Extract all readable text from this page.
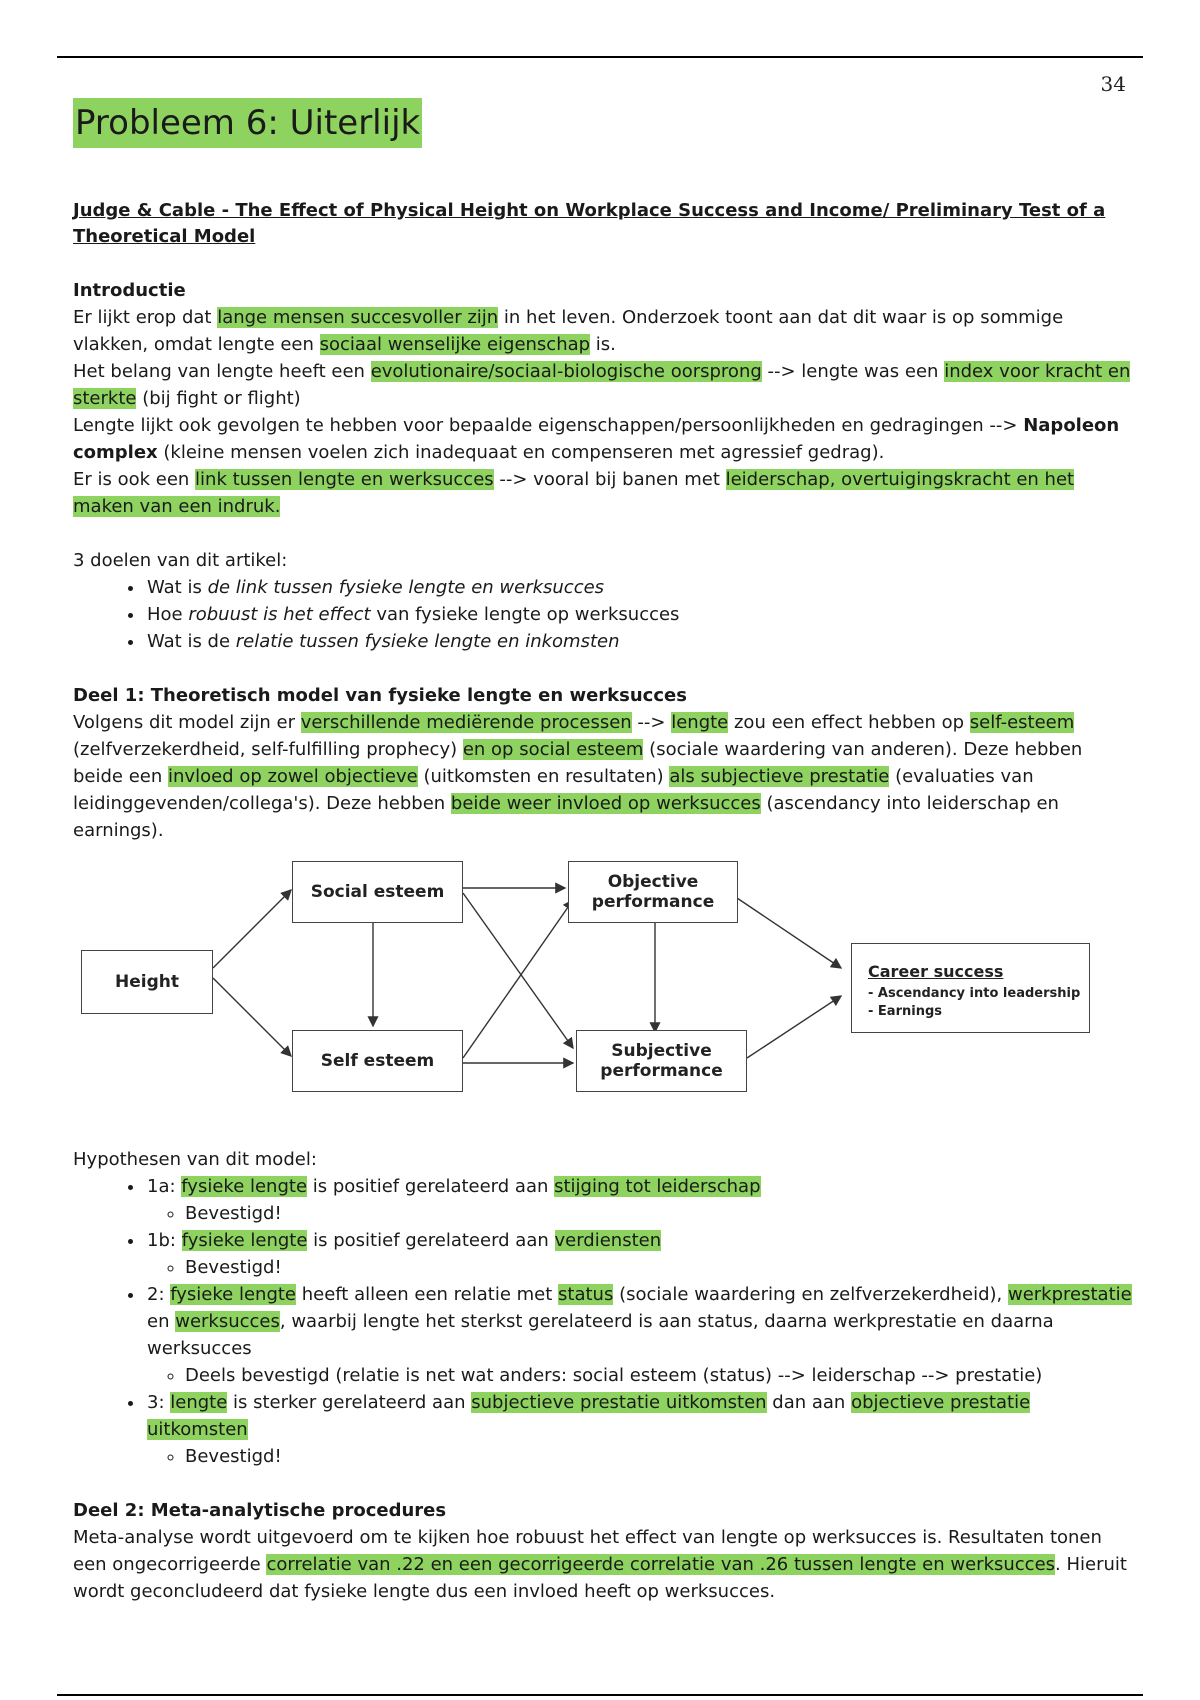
34
Probleem 6: Uiterlijk
Judge & Cable - The Effect of Physical Height on Workplace Success and Income/ Preliminary Test of a Theoretical Model

Introductie

Er lijkt erop dat lange mensen succesvoller zijn in het leven. Onderzoek toont aan dat dit waar is op sommige vlakken, omdat lengte een sociaal wenselijke eigenschap is.

Het belang van lengte heeft een evolutionaire/sociaal-biologische oorsprong --> lengte was een index voor kracht en sterkte (bij fight or flight)

Lengte lijkt ook gevolgen te hebben voor bepaalde eigenschappen/persoonlijkheden en gedragingen --> Napoleon complex (kleine mensen voelen zich inadequaat en compenseren met agressief gedrag).

Er is ook een link tussen lengte en werksucces --> vooral bij banen met leiderschap, overtuigingskracht en het maken van een indruk.

3 doelen van dit artikel:

• Wat is de link tussen fysieke lengte en werksucces
• Hoe robuust is het effect van fysieke lengte op werksucces
• Wat is de relatie tussen fysieke lengte en inkomsten

Deel 1: Theoretisch model van fysieke lengte en werksucces

Volgens dit model zijn er verschillende mediërende processen --> lengte zou een effect hebben op self-esteem (zelfverzekerdheid, self-fulfilling prophecy) en op social esteem (sociale waardering van anderen). Deze hebben beide een invloed op zowel objectieve (uitkomsten en resultaten) als subjectieve prestatie (evaluaties van leidinggevenden/collega's). Deze hebben beide weer invloed op werksucces (ascendancy into leiderschap en earnings).

Height
Social esteem
Self esteem
Objective performance
Subjective performance
Career success
- Ascendancy into leadership
- Earnings

Hypothesen van dit model:

• 1a: fysieke lengte is positief gerelateerd aan stijging tot leiderschap
◦ Bevestigd!
• 1b: fysieke lengte is positief gerelateerd aan verdiensten
◦ Bevestigd!
• 2: fysieke lengte heeft alleen een relatie met status (sociale waardering en zelfverzekerdheid), werkprestatie en werksucces, waarbij lengte het sterkst gerelateerd is aan status, daarna werkprestatie en daarna werksucces
◦ Deels bevestigd (relatie is net wat anders: social esteem (status) --> leiderschap --> prestatie)
• 3: lengte is sterker gerelateerd aan subjectieve prestatie uitkomsten dan aan objectieve prestatie uitkomsten
◦ Bevestigd!

Deel 2: Meta-analytische procedures

Meta-analyse wordt uitgevoerd om te kijken hoe robuust het effect van lengte op werksucces is. Resultaten tonen een ongecorrigeerde correlatie van .22 en een gecorrigeerde correlatie van .26 tussen lengte en werksucces. Hieruit wordt geconcludeerd dat fysieke lengte dus een invloed heeft op werksucces.
